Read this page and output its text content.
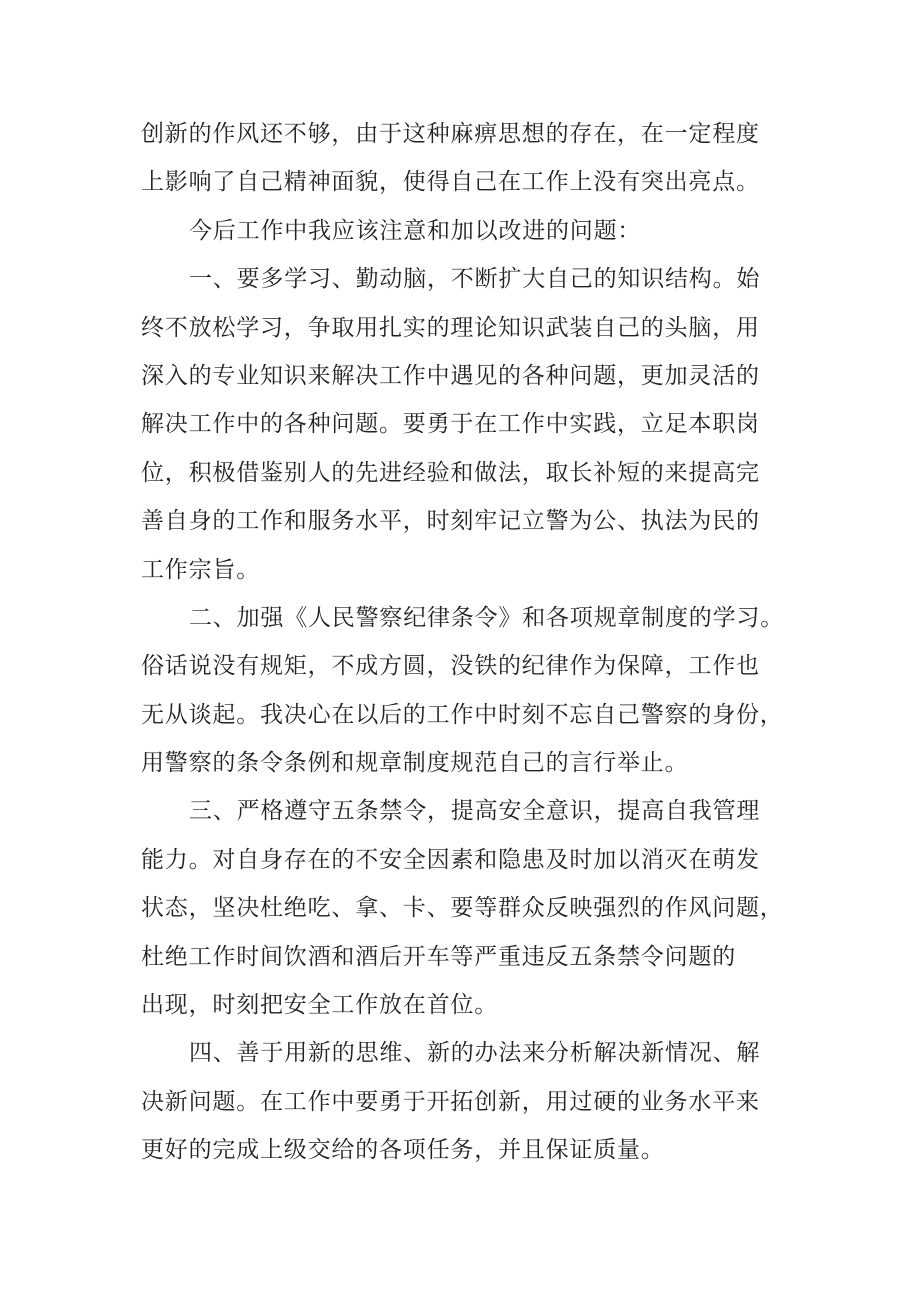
创新的作风还不够，由于这种麻痹思想的存在，在一定程度
上影响了自己精神面貌，使得自己在工作上没有突出亮点。
今后工作中我应该注意和加以改进的问题：
一、要多学习、勤动脑，不断扩大自己的知识结构。始
终不放松学习，争取用扎实的理论知识武装自己的头脑，用
深入的专业知识来解决工作中遇见的各种问题，更加灵活的
解决工作中的各种问题。要勇于在工作中实践，立足本职岗
位，积极借鉴别人的先进经验和做法，取长补短的来提高完
善自身的工作和服务水平，时刻牢记立警为公、执法为民的
工作宗旨。
二、加强《人民警察纪律条令》和各项规章制度的学习。
俗话说没有规矩，不成方圆，没铁的纪律作为保障，工作也
无从谈起。我决心在以后的工作中时刻不忘自己警察的身份，
用警察的条令条例和规章制度规范自己的言行举止。
三、严格遵守五条禁令，提高安全意识，提高自我管理
能力。对自身存在的不安全因素和隐患及时加以消灭在萌发
状态，坚决杜绝吃、拿、卡、要等群众反映强烈的作风问题，
杜绝工作时间饮酒和酒后开车等严重违反五条禁令问题的
出现，时刻把安全工作放在首位。
四、善于用新的思维、新的办法来分析解决新情况、解
决新问题。在工作中要勇于开拓创新，用过硬的业务水平来
更好的完成上级交给的各项任务，并且保证质量。
